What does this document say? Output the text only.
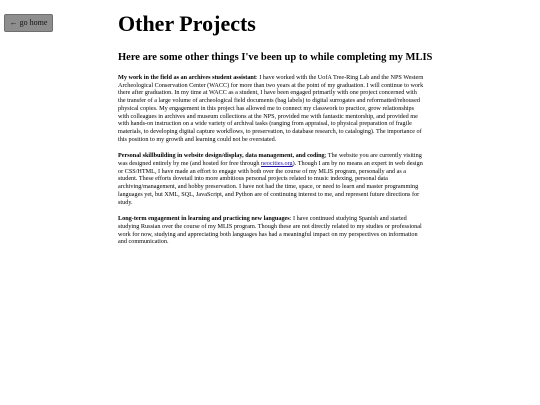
← go home	Other Projects
Here are some other things I've been up to while completing my MLIS

My work in the field as an archives student assistant: I have worked with the UofA Tree-Ring Lab and the NPS Western Archeological Conservation Center (WACC) for more than two years at the point of my graduation. I will continue to work there after graduation. In my time at WACC as a student, I have been engaged primarily with one project concerned with the transfer of a large volume of archeological field documents (bag labels) to digital surrogates and reformatted/rehoused physical copies. My engagement in this project has allowed me to connect my classwork to practice, grow relationships with colleagues in archives and museum collections at the NPS, provided me with fantastic mentorship, and provided me with hands-on instruction on a wide variety of archival tasks (ranging from appraisal, to physical preparation of fragile materials, to developing digital capture workflows, to preservation, to database research, to cataloging). The importance of this position to my growth and learning could not be overstated.

Personal skillbuilding in website design/display, data management, and coding; The website you are currently visiting was designed entirely by me (and hosted for free through neocities.org). Though I am by no means an expert in web design or CSS/HTML, I have made an effort to engage with both over the course of my MLIS program, personally and as a student. These efforts dovetail into more ambitious personal projects related to music indexing, personal data archiving/management, and hobby preservation. I have not had the time, space, or need to learn and master programming languages yet, but XML, SQL, JavaScript, and Python are of continuing interest to me, and represent future directions for study.

Long-term engagement in learning and practicing new languages: I have continued studying Spanish and started studying Russian over the course of my MLIS program. Though these are not directly related to my studies or professional work for now, studying and appreciating both languages has had a meaningful impact on my perspectives on information and communication.
